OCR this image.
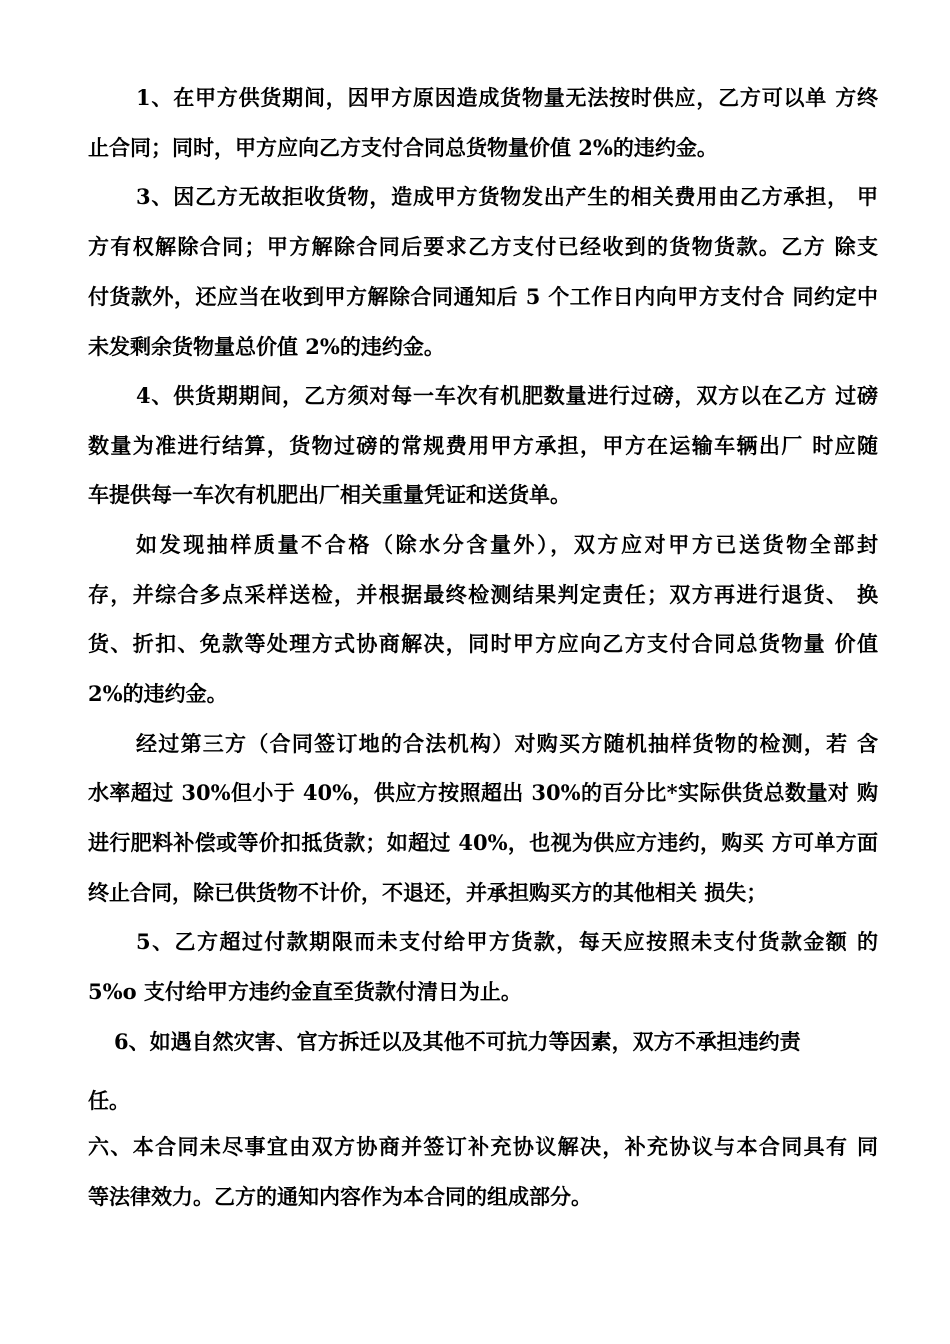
1、在甲方供货期间，因甲方原因造成货物量无法按时供应，乙方可以单 方终
止合同；同时，甲方应向乙方支付合同总货物量价值 2%的违约金。
3、因乙方无故拒收货物，造成甲方货物发出产生的相关费用由乙方承担， 甲
方有权解除合同；甲方解除合同后要求乙方支付已经收到的货物货款。乙方 除支
付货款外，还应当在收到甲方解除合同通知后 5 个工作日内向甲方支付合 同约定中
未发剩余货物量总价值 2%的违约金。
4、供货期期间，乙方须对每一车次有机肥数量进行过磅，双方以在乙方 过磅
数量为准进行结算，货物过磅的常规费用甲方承担，甲方在运输车辆出厂 时应随
车提供每一车次有机肥出厂相关重量凭证和送货单。
如发现抽样质量不合格（除水分含量外），双方应对甲方已送货物全部封
存，并综合多点采样送检，并根据最终检测结果判定责任；双方再进行退货、 换
货、折扣、免款等处理方式协商解决，同时甲方应向乙方支付合同总货物量 价值
2%的违约金。
经过第三方（合同签订地的合法机构）对购买方随机抽样货物的检测，若 含
水率超过 30%但小于 40%，供应方按照超出 30%的百分比*实际供货总数量对 购
进行肥料补偿或等价扣抵货款；如超过 40%，也视为供应方违约，购买 方可单方面
终止合同，除已供货物不计价，不退还，并承担购买方的其他相关 损失；
5、乙方超过付款期限而未支付给甲方货款，每天应按照未支付货款金额 的
5%o 支付给甲方违约金直至货款付清日为止。
6、如遇自然灾害、官方拆迁以及其他不可抗力等因素，双方不承担违约责
任。
六、本合同未尽事宜由双方协商并签订补充协议解决，补充协议与本合同具有 同
等法律效力。乙方的通知内容作为本合同的组成部分。
